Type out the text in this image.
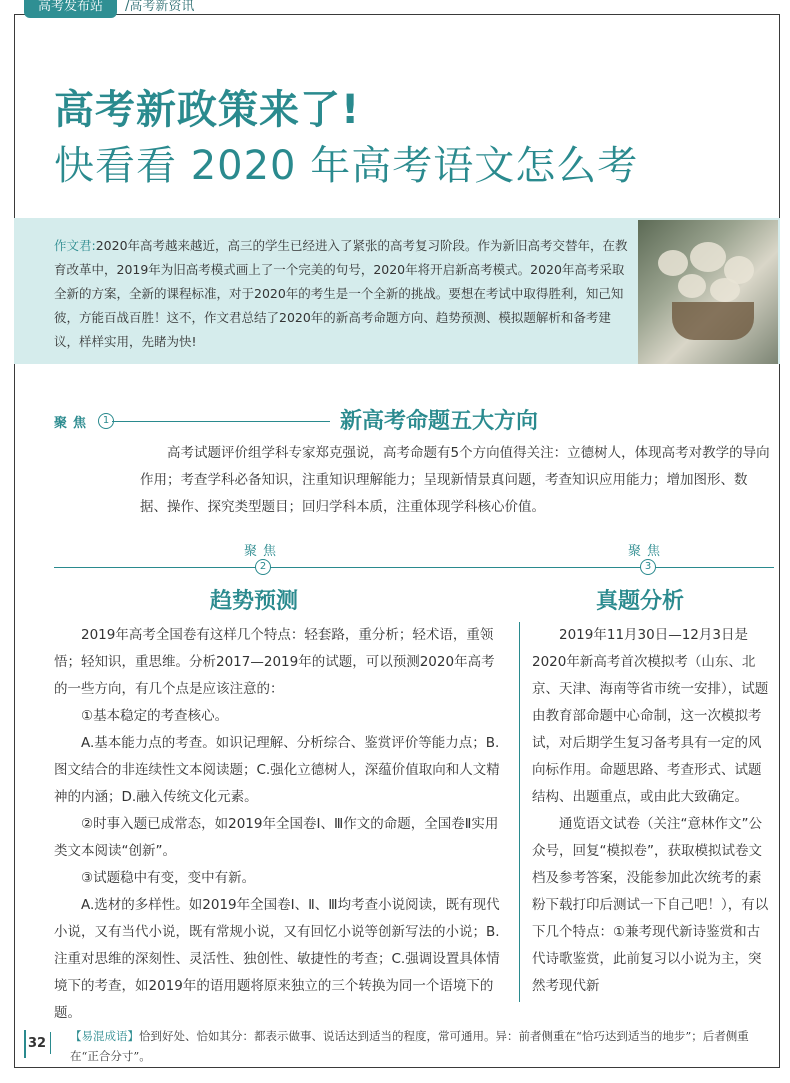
高考发布站	/高考新资讯
高考新政策来了!
快看看 2020 年高考语文怎么考
作文君:2020年高考越来越近，高三的学生已经进入了紧张的高考复习阶段。作为新旧高考交替年，在教育改革中，2019年为旧高考模式画上了一个完美的句号，2020年将开启新高考模式。2020年高考采取全新的方案，全新的课程标准，对于2020年的考生是一个全新的挑战。要想在考试中取得胜利，知己知彼，方能百战百胜！这不，作文君总结了2020年的新高考命题方向、趋势预测、模拟题解析和备考建议，样样实用，先睹为快!
聚焦	1	新高考命题五大方向
高考试题评价组学科专家郑克强说，高考命题有5个方向值得关注：立德树人，体现高考对教学的导向作用；考查学科必备知识，注重知识理解能力；呈现新情景真问题，考查知识应用能力；增加图形、数据、操作、探究类型题目；回归学科本质，注重体现学科核心价值。
聚焦	聚焦
2	3
趋势预测	真题分析

2019年高考全国卷有这样几个特点：轻套路，重分析；轻术语，重领悟；轻知识，重思维。分析2017—2019年的试题，可以预测2020年高考的一些方向，有几个点是应该注意的：

①基本稳定的考查核心。

A.基本能力点的考查。如识记理解、分析综合、鉴赏评价等能力点；B.图文结合的非连续性文本阅读题；C.强化立德树人，深蕴价值取向和人文精神的内涵；D.融入传统文化元素。

②时事入题已成常态，如2019年全国卷Ⅰ、Ⅲ作文的命题，全国卷Ⅱ实用类文本阅读“创新”。

③试题稳中有变，变中有新。

A.选材的多样性。如2019年全国卷Ⅰ、Ⅱ、Ⅲ均考查小说阅读，既有现代小说，又有当代小说，既有常规小说，又有回忆小说等创新写法的小说；B.注重对思维的深刻性、灵活性、独创性、敏捷性的考查；C.强调设置具体情境下的考查，如2019年的语用题将原来独立的三个转换为同一个语境下的题。

2019年11月30日—12月3日是2020年新高考首次模拟考（山东、北京、天津、海南等省市统一安排），试题由教育部命题中心命制，这一次模拟考试，对后期学生复习备考具有一定的风向标作用。命题思路、考查形式、试题结构、出题重点，或由此大致确定。

通览语文试卷（关注“意林作文”公众号，回复“模拟卷”，获取模拟试卷文档及参考答案，没能参加此次统考的素粉下载打印后测试一下自己吧！），有以下几个特点：①兼考现代新诗鉴赏和古代诗歌鉴赏，此前复习以小说为主，突然考现代新

32 【易混成语】恰到好处、恰如其分：都表示做事、说话达到适当的程度，常可通用。异：前者侧重在“恰巧达到适当的地步”；后者侧重在“正合分寸”。
